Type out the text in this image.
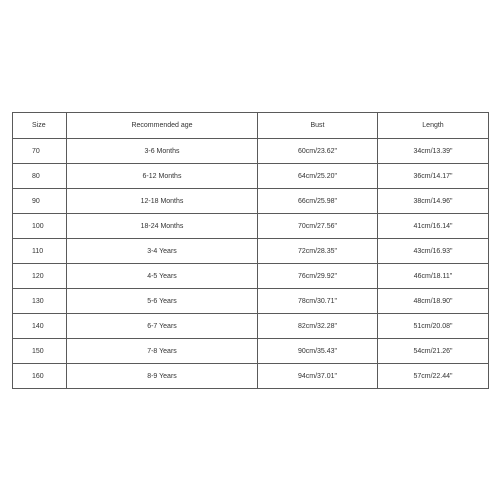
Size	Recommended age	Bust	Length
70	3-6 Months	60cm/23.62"	34cm/13.39"
80	6-12 Months	64cm/25.20"	36cm/14.17"
90	12-18 Months	66cm/25.98"	38cm/14.96"
100	18-24 Months	70cm/27.56"	41cm/16.14"
110	3-4 Years	72cm/28.35"	43cm/16.93"
120	4-5 Years	76cm/29.92"	46cm/18.11"
130	5-6 Years	78cm/30.71"	48cm/18.90"
140	6-7 Years	82cm/32.28"	51cm/20.08"
150	7-8 Years	90cm/35.43"	54cm/21.26"
160	8-9 Years	94cm/37.01"	57cm/22.44"
